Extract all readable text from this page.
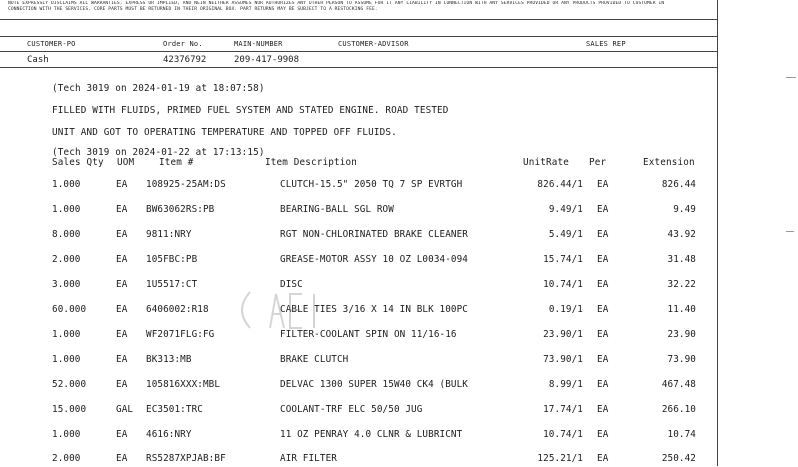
NOTE EXPRESSLY DISCLAIMS ALL WARRANTIES, EXPRESS OR IMPLIED, AND NEIN NEITHER ASSUMES NOR AUTHORIZES ANY OTHER PERSON TO ASSUME FOR IT ANY LIABILITY IN CONNECTION WITH ANY SERVICES PROVIDED OR ANY PRODUCTS PROVIDED TO CUSTOMER IN
CONNECTION WITH THE SERVICES. CORE PARTS MUST BE RETURNED IN THEIR ORIGINAL BOX. PART RETURNS MAY BE SUBJECT TO A RESTOCKING FEE.
CUSTOMER-PO	Order No.	MAIN-NUMBER	CUSTOMER-ADVISOR	SALES REP
Cash	42376792	209-417-9908
(Tech 3019 on 2024-01-19 at 18:07:58)
FILLED WITH FLUIDS, PRIMED FUEL SYSTEM AND STATED ENGINE. ROAD TESTED
UNIT AND GOT TO OPERATING TEMPERATURE AND TOPPED OFF FLUIDS.
(Tech 3019 on 2024-01-22 at 17:13:15)
Sales Qty UOM	Item #	Item Description	UnitRate Per	Extension
1.000	EA 108925-25AM:DS	CLUTCH-15.5" 2050 TQ 7 SP EVRTGH	826.44/1 EA	826.44
1.000	EA BW63062RS:PB	BEARING-BALL SGL ROW	9.49/1 EA	9.49
8.000	EA 9811:NRY	RGT NON-CHLORINATED BRAKE CLEANER	5.49/1 EA	43.92
2.000	EA 105FBC:PB	GREASE-MOTOR ASSY 10 OZ L0034-094	15.74/1 EA	31.48
3.000	EA 1U5517:CT	DISC	10.74/1 EA	32.22
60.000	EA 6406002:R18	CABLE TIES 3/16 X 14 IN BLK 100PC	0.19/1 EA	11.40
1.000	EA WF2071FLG:FG	FILTER-COOLANT SPIN ON 11/16-16	23.90/1 EA	23.90
1.000	EA BK313:MB	BRAKE CLUTCH	73.90/1 EA	73.90
52.000	EA 105816XXX:MBL	DELVAC 1300 SUPER 15W40 CK4 (BULK	8.99/1 EA	467.48
15.000	GAL EC3501:TRC	COOLANT-TRF ELC 50/50 JUG	17.74/1 EA	266.10
1.000	EA 4616:NRY	11 OZ PENRAY 4.0 CLNR & LUBRICNT	10.74/1 EA	10.74
2.000	EA RS5287XPJAB:BF	AIR FILTER	125.21/1 EA	250.42
